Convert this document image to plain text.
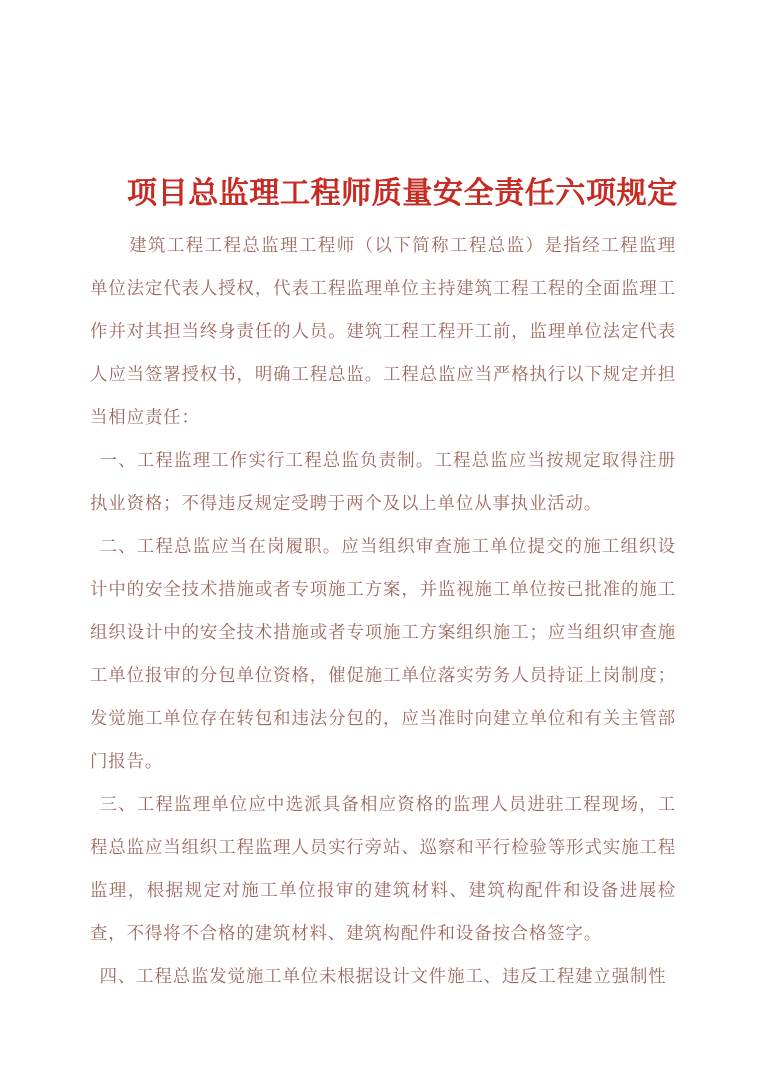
项目总监理工程师质量安全责任六项规定

建筑工程工程总监理工程师（以下简称工程总监）是指经工程监理单位法定代表人授权，代表工程监理单位主持建筑工程工程的全面监理工作并对其担当终身责任的人员。建筑工程工程开工前，监理单位法定代表人应当签署授权书，明确工程总监。工程总监应当严格执行以下规定并担当相应责任：

一、工程监理工作实行工程总监负责制。工程总监应当按规定取得注册执业资格；不得违反规定受聘于两个及以上单位从事执业活动。

二、工程总监应当在岗履职。应当组织审查施工单位提交的施工组织设计中的安全技术措施或者专项施工方案，并监视施工单位按已批准的施工组织设计中的安全技术措施或者专项施工方案组织施工；应当组织审查施工单位报审的分包单位资格，催促施工单位落实劳务人员持证上岗制度；发觉施工单位存在转包和违法分包的，应当准时向建立单位和有关主管部门报告。

三、工程监理单位应中选派具备相应资格的监理人员进驻工程现场，工程总监应当组织工程监理人员实行旁站、巡察和平行检验等形式实施工程监理，根据规定对施工单位报审的建筑材料、建筑构配件和设备进展检查，不得将不合格的建筑材料、建筑构配件和设备按合格签字。

四、工程总监发觉施工单位未根据设计文件施工、违反工程建立强制性
